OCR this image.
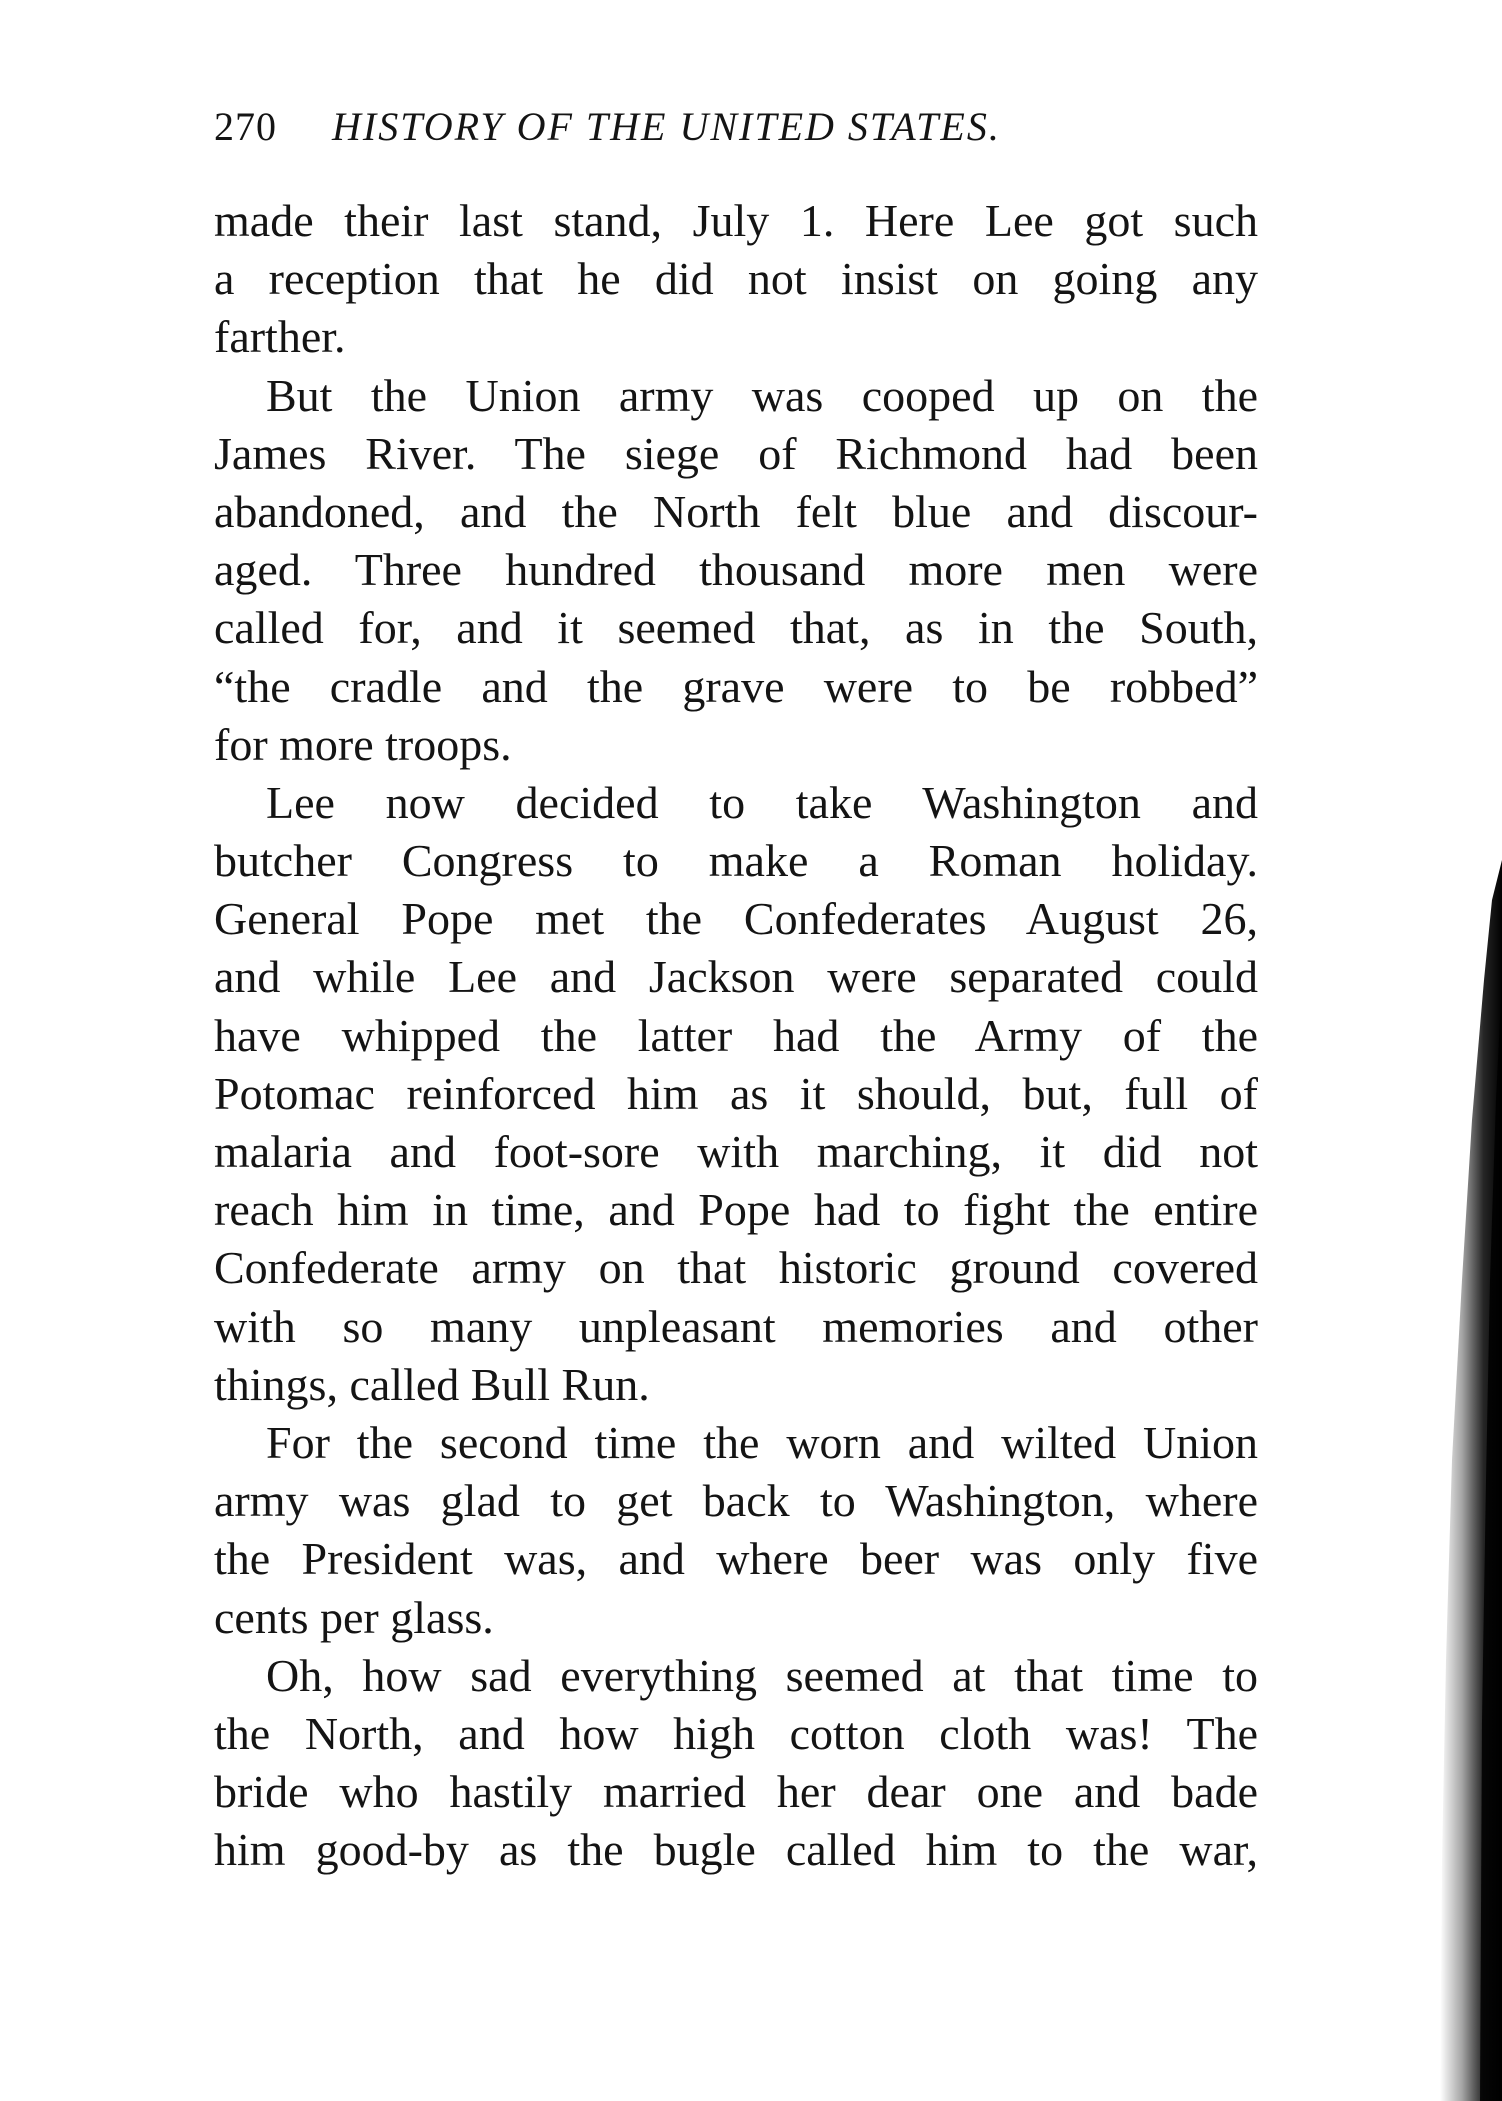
270 HISTORY OF THE UNITED STATES.
made their last stand, July 1. Here Lee got such
a reception that he did not insist on going any
farther.
But the Union army was cooped up on the
James River. The siege of Richmond had been
abandoned, and the North felt blue and discour-
aged. Three hundred thousand more men were
called for, and it seemed that, as in the South,
“the cradle and the grave were to be robbed”
for more troops.
Lee now decided to take Washington and
butcher Congress to make a Roman holiday.
General Pope met the Confederates August 26,
and while Lee and Jackson were separated could
have whipped the latter had the Army of the
Potomac reinforced him as it should, but, full of
malaria and foot-sore with marching, it did not
reach him in time, and Pope had to fight the entire
Confederate army on that historic ground covered
with so many unpleasant memories and other
things, called Bull Run.
For the second time the worn and wilted Union
army was glad to get back to Washington, where
the President was, and where beer was only five
cents per glass.
Oh, how sad everything seemed at that time to
the North, and how high cotton cloth was! The
bride who hastily married her dear one and bade
him good-by as the bugle called him to the war,
